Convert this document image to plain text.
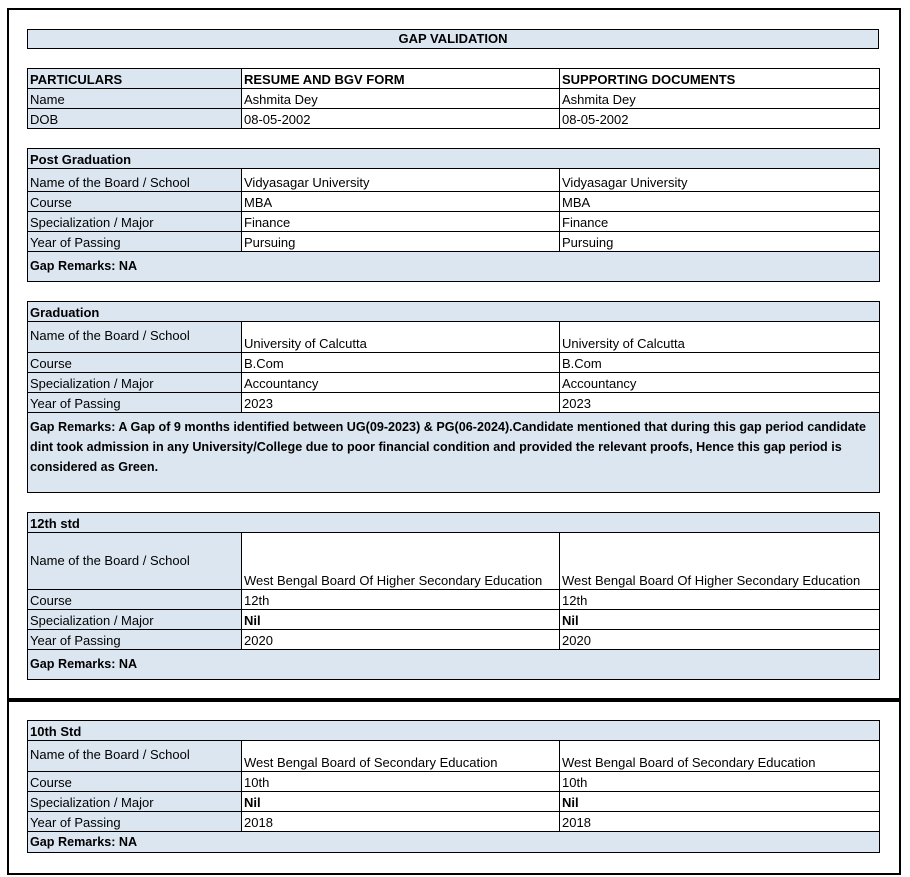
GAP VALIDATION
PARTICULARS	RESUME AND BGV FORM	SUPPORTING DOCUMENTS
Name	Ashmita Dey	Ashmita Dey
DOB	08-05-2002	08-05-2002
Post Graduation		
Name of the Board / School	Vidyasagar University	Vidyasagar University
Course	MBA	MBA
Specialization / Major	Finance	Finance
Year of Passing	Pursuing	Pursuing
Gap Remarks: NA		
Graduation		
Name of the Board / School	University of Calcutta	University of Calcutta
Course	B.Com	B.Com
Specialization / Major	Accountancy	Accountancy
Year of Passing	2023	2023
Gap Remarks: A Gap of 9 months identified between UG(09-2023) & PG(06-2024).Candidate mentioned that during this gap period candidate dint took admission in any University/College due to poor financial condition and provided the relevant proofs, Hence this gap period is considered as Green.		
12th std		
Name of the Board / School	West Bengal Board Of Higher Secondary Education	West Bengal Board Of Higher Secondary Education
Course	12th	12th
Specialization / Major	Nil	Nil
Year of Passing	2020	2020
Gap Remarks: NA		
10th Std		
Name of the Board / School	West Bengal Board of Secondary Education	West Bengal Board of Secondary Education
Course	10th	10th
Specialization / Major	Nil	Nil
Year of Passing	2018	2018
Gap Remarks: NA		
